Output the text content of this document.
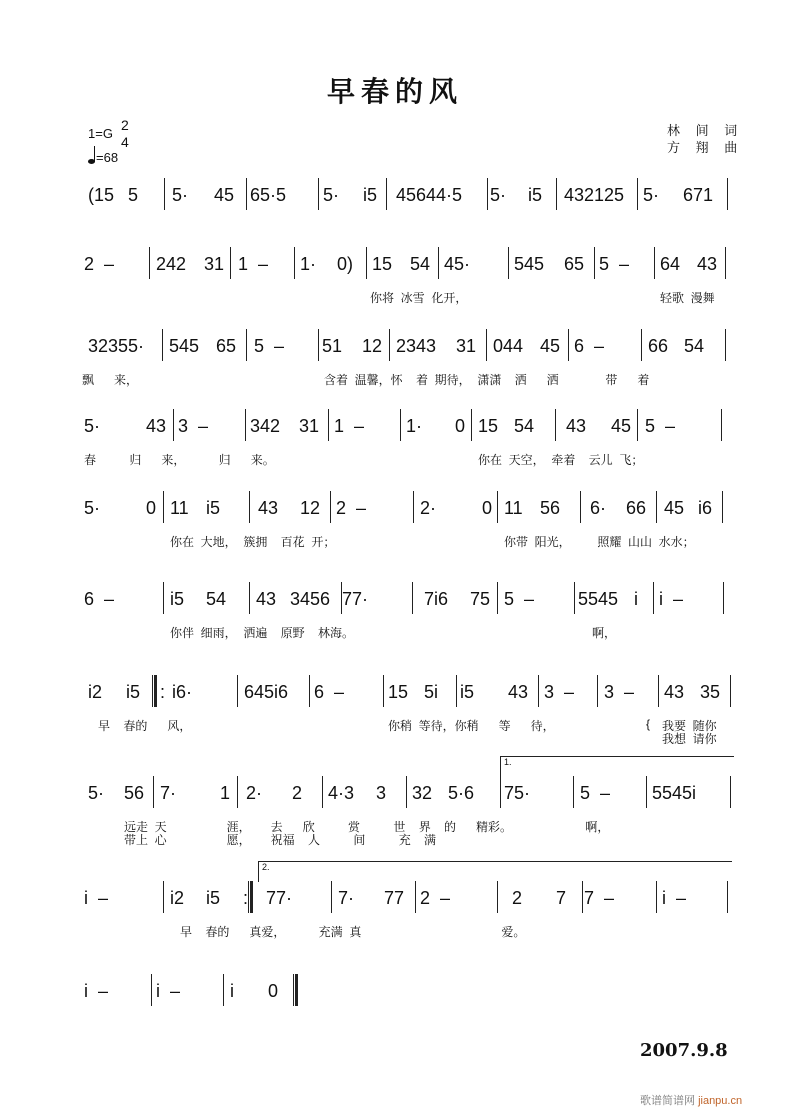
早春的风
1=G
2
4
=68
林 间 词
方 翔 曲
(15 5 5· 45 65·5 5· i5 45644·5 5· i5 432125 5· 671
2  – 242 31 1  – 1· 0) 15 54 45· 545 65 5  – 64 43
你将  冰雪  化开，	轻歌  漫舞
32355· 545 65 5  – 51 12 2343 31 044 45 6  – 66 54
飘      来，	含着  温馨，怀    着  期待，  潇潇    洒      洒              带      着
5·	43 3  – 342 31 1  – 1· 0 15 54 43 45 5  –
春          归      来，          归      来。	你在  天空，  牵着    云儿  飞；
5·	0 11 i5 43 12 2  –	2·	0 11 56 6· 66 45 i6
你在  大地，  簇拥    百花  开；	你带  阳光，        照耀  山山  水水；
6  –	i5 54 43 3456 77·	7i6 75 5  – 5545 i i  –
你伴  细雨，  洒遍    原野    林海。	啊，
i2 i5 : i6·	645i6 6  – 15 5i i5 43 3  – 3  – 43 35
早    春的      风，	你稍  等待，你稍      等      待，	{ 我要  随你
我想  请你
5· 56 7· 1 2· 2 4·3 3 32 5·6 75·	5  – 5545i
1.
远走  天                  涯，      去      欣          赏          世    界    的      精彩。                      啊，
带上  心                  愿，      祝福    人          间          充    满
i  –	i2 i5 : 77·	7· 77 2  –	2 7 7  –	i  –
2.
早    春的      真爱，          充满  真                                          爱。
i  –	i  –	i 0
2007.9.8
歌谱简谱网 jianpu.cn
